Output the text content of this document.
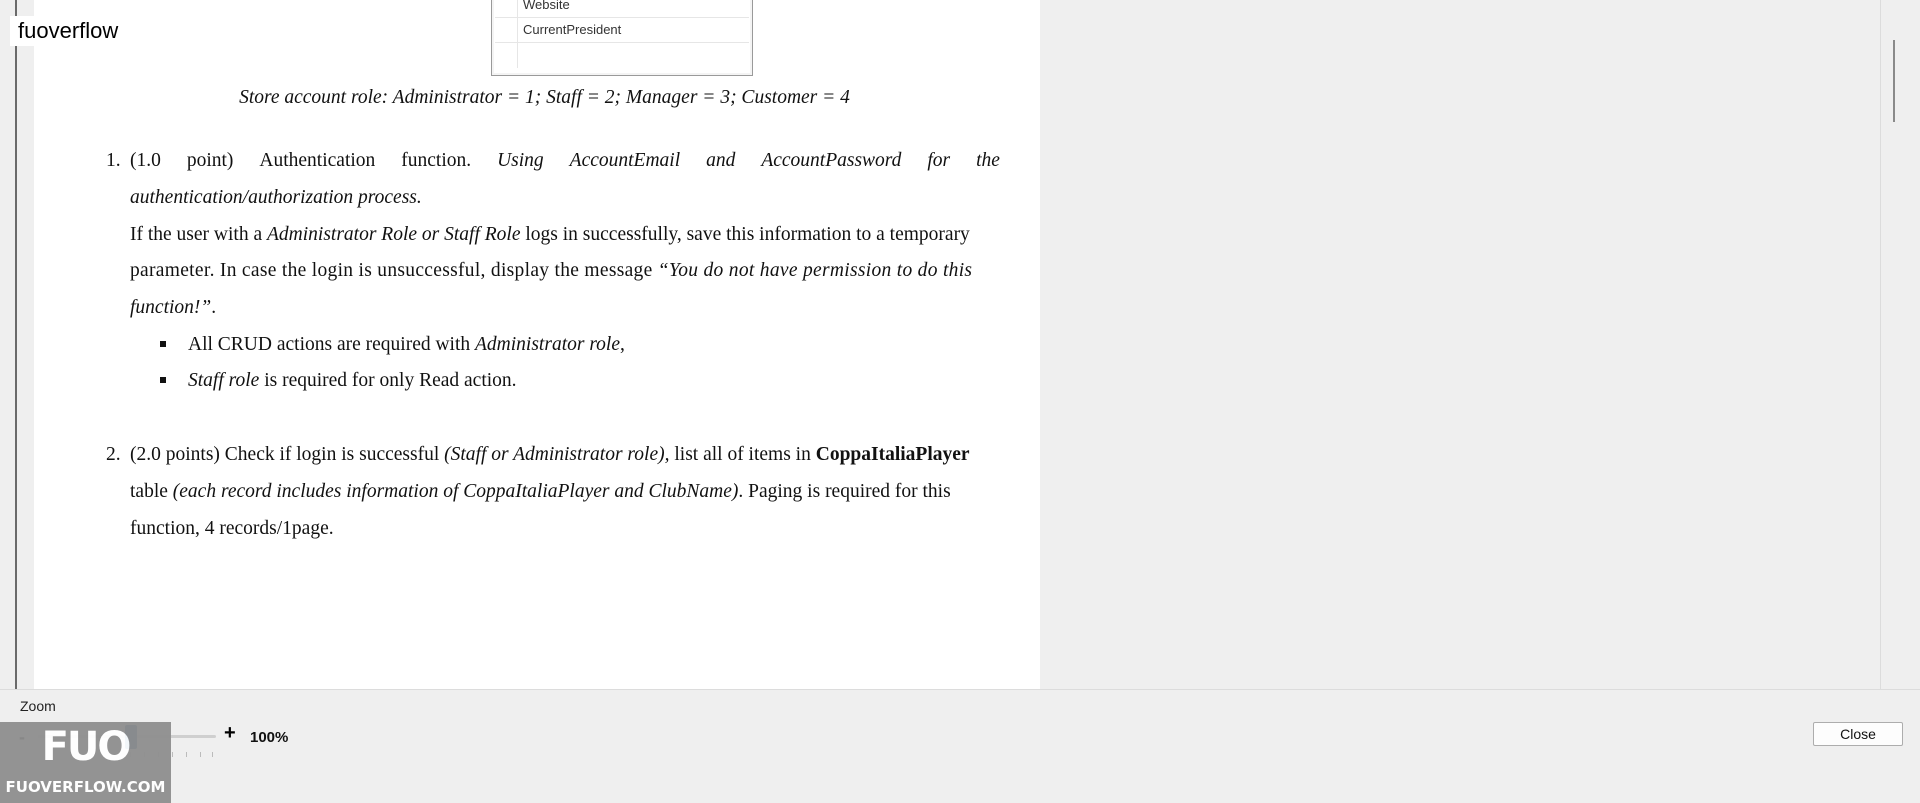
Website
CurrentPresident
Store account role: Administrator = 1; Staff = 2; Manager = 3; Customer = 4
1. (1.0 point) Authentication function. Using AccountEmail and AccountPassword for the
authentication/authorization process.
If the user with a Administrator Role or Staff Role logs in successfully, save this information to a temporary
parameter. In case the login is unsuccessful, display the message “You do not have permission to do this
function!”.
All CRUD actions are required with Administrator role,
Staff role is required for only Read action.
2. (2.0 points) Check if login is successful (Staff or Administrator role), list all of items in CoppaItaliaPlayer
table (each record includes information of CoppaItaliaPlayer and ClubName). Paging is required for this
function, 4 records/1page.
fuoverflow
Zoom
+ 100%
FUO
FUOVERFLOW.COM
Close
